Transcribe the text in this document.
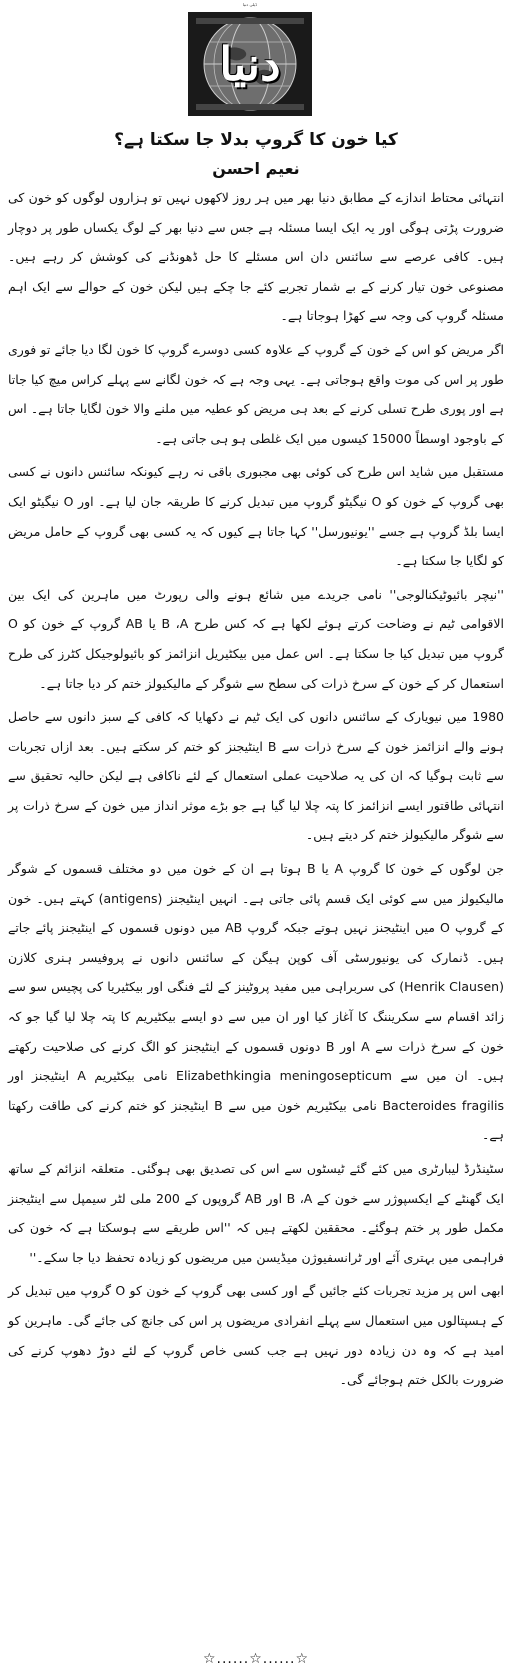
ڈیلی دنیا
دنیا
کیا خون کا گروپ بدلا جا سکتا ہے؟
نعیم احسن

انتہائی محتاط اندازے کے مطابق دنیا بھر میں ہر روز لاکھوں نہیں تو ہزاروں لوگوں کو خون کی ضرورت پڑتی ہوگی اور یہ ایک ایسا مسئلہ ہے جس سے دنیا بھر کے لوگ یکساں طور پر دوچار ہیں۔ کافی عرصے سے سائنس دان اس مسئلے کا حل ڈھونڈنے کی کوشش کر رہے ہیں۔ مصنوعی خون تیار کرنے کے بے شمار تجربے کئے جا چکے ہیں لیکن خون کے حوالے سے ایک اہم مسئلہ گروپ کی وجہ سے کھڑا ہوجاتا ہے۔

اگر مریض کو اس کے خون کے گروپ کے علاوہ کسی دوسرے گروپ کا خون لگا دیا جائے تو فوری طور پر اس کی موت واقع ہوجاتی ہے۔ یہی وجہ ہے کہ خون لگانے سے پہلے کراس میچ کیا جاتا ہے اور پوری طرح تسلی کرنے کے بعد ہی مریض کو عطیہ میں ملنے والا خون لگایا جاتا ہے۔ اس کے باوجود اوسطاً 15000 کیسوں میں ایک غلطی ہو ہی جاتی ہے۔

مستقبل میں شاید اس طرح کی کوئی بھی مجبوری باقی نہ رہے کیونکہ سائنس دانوں نے کسی بھی گروپ کے خون کو O نیگیٹو گروپ میں تبدیل کرنے کا طریقہ جان لیا ہے۔ اور O نیگیٹو ایک ایسا بلڈ گروپ ہے جسے ''یونیورسل'' کہا جاتا ہے کیوں کہ یہ کسی بھی گروپ کے حامل مریض کو لگایا جا سکتا ہے۔

''نیچر بائیوٹیکنالوجی'' نامی جریدے میں شائع ہونے والی رپورٹ میں ماہرین کی ایک بین الاقوامی ٹیم نے وضاحت کرتے ہوئے لکھا ہے کہ کس طرح B ،A یا AB گروپ کے خون کو O گروپ میں تبدیل کیا جا سکتا ہے۔ اس عمل میں بیکٹیریل انزائمز کو بائیولوجیکل کٹرز کی طرح استعمال کر کے خون کے سرخ ذرات کی سطح سے شوگر کے مالیکیولز ختم کر دیا جاتا ہے۔

1980 میں نیویارک کے سائنس دانوں کی ایک ٹیم نے دکھایا کہ کافی کے سبز دانوں سے حاصل ہونے والے انزائمز خون کے سرخ ذرات سے B اینٹیجنز کو ختم کر سکتے ہیں۔ بعد ازاں تجربات سے ثابت ہوگیا کہ ان کی یہ صلاحیت عملی استعمال کے لئے ناکافی ہے لیکن حالیہ تحقیق سے انتہائی طاقتور ایسے انزائمز کا پتہ چلا لیا گیا ہے جو بڑے موثر انداز میں خون کے سرخ ذرات پر سے شوگر مالیکیولز ختم کر دیتے ہیں۔

جن لوگوں کے خون کا گروپ A یا B ہوتا ہے ان کے خون میں دو مختلف قسموں کے شوگر مالیکیولز میں سے کوئی ایک قسم پائی جاتی ہے۔ انہیں اینٹیجنز (antigens) کہتے ہیں۔ خون کے گروپ O میں اینٹیجنز نہیں ہوتے جبکہ گروپ AB میں دونوں قسموں کے اینٹیجنز پائے جاتے ہیں۔ ڈنمارک کی یونیورسٹی آف کوپن ہیگن کے سائنس دانوں نے پروفیسر ہنری کلازن (Henrik Clausen) کی سربراہی میں مفید پروٹینز کے لئے فنگی اور بیکٹیریا کی پچیس سو سے زائد اقسام سے سکریننگ کا آغاز کیا اور ان میں سے دو ایسے بیکٹیریم کا پتہ چلا لیا گیا جو کہ خون کے سرخ ذرات سے A اور B دونوں قسموں کے اینٹیجنز کو الگ کرنے کی صلاحیت رکھتے ہیں۔ ان میں سے Elizabethkingia meningosepticum نامی بیکٹیریم A اینٹیجنز اور Bacteroides fragilis نامی بیکٹیریم خون میں سے B اینٹیجنز کو ختم کرنے کی طاقت رکھتا ہے۔

سٹینڈرڈ لیبارٹری میں کئے گئے ٹیسٹوں سے اس کی تصدیق بھی ہوگئی۔ متعلقہ انزائم کے ساتھ ایک گھنٹے کے ایکسپوژر سے خون کے B ،A اور AB گروپوں کے 200 ملی لٹر سیمپل سے اینٹیجنز مکمل طور پر ختم ہوگئے۔ محققین لکھتے ہیں کہ ''اس طریقے سے ہوسکتا ہے کہ خون کی فراہمی میں بہتری آئے اور ٹرانسفیوژن میڈیسن میں مریضوں کو زیادہ تحفظ دیا جا سکے۔''

ابھی اس پر مزید تجربات کئے جائیں گے اور کسی بھی گروپ کے خون کو O گروپ میں تبدیل کر کے ہسپتالوں میں استعمال سے پہلے انفرادی مریضوں پر اس کی جانچ کی جائے گی۔ ماہرین کو امید ہے کہ وہ دن زیادہ دور نہیں ہے جب کسی خاص گروپ کے لئے دوڑ دھوپ کرنے کی ضرورت بالکل ختم ہوجائے گی۔

☆......☆......☆
